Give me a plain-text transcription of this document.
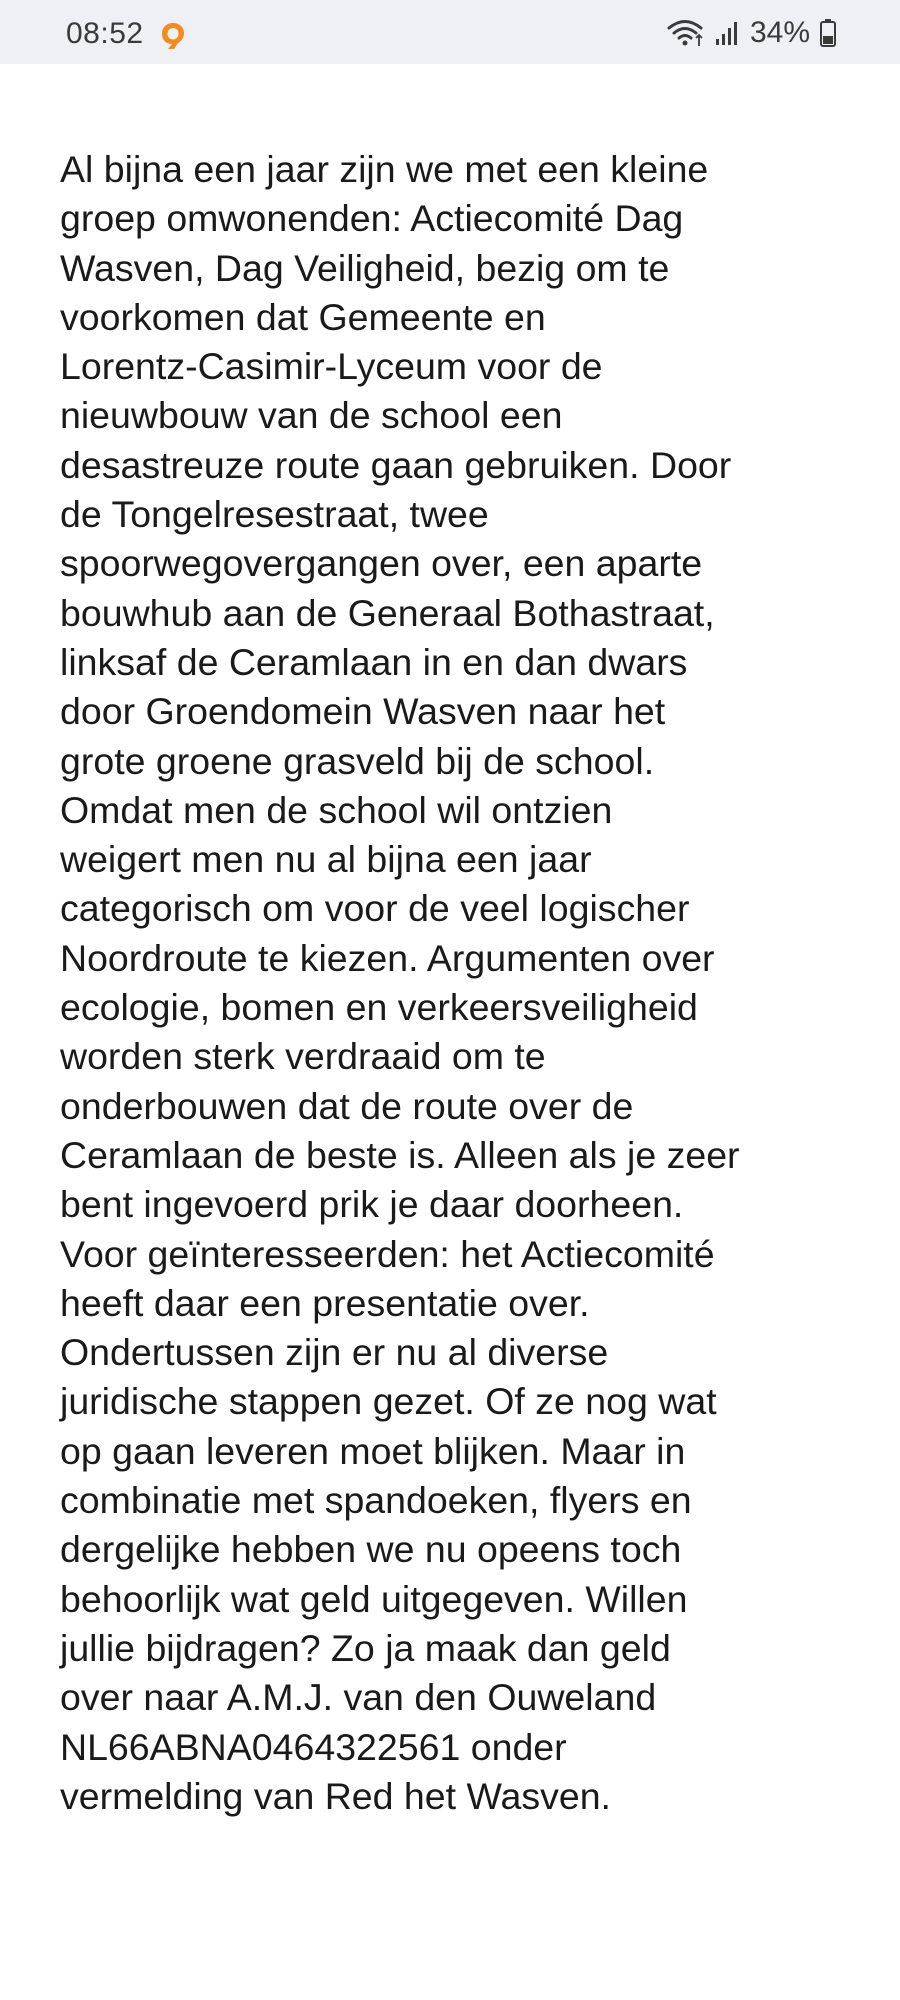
08:52	34%
Al bijna een jaar zijn we met een kleine
groep omwonenden: Actiecomité Dag
Wasven, Dag Veiligheid, bezig om te
voorkomen dat Gemeente en
Lorentz-Casimir-Lyceum voor de
nieuwbouw van de school een
desastreuze route gaan gebruiken. Door
de Tongelresestraat, twee
spoorwegovergangen over, een aparte
bouwhub aan de Generaal Bothastraat,
linksaf de Ceramlaan in en dan dwars
door Groendomein Wasven naar het
grote groene grasveld bij de school.
Omdat men de school wil ontzien
weigert men nu al bijna een jaar
categorisch om voor de veel logischer
Noordroute te kiezen. Argumenten over
ecologie, bomen en verkeersveiligheid
worden sterk verdraaid om te
onderbouwen dat de route over de
Ceramlaan de beste is. Alleen als je zeer
bent ingevoerd prik je daar doorheen.
Voor geïnteresseerden: het Actiecomité
heeft daar een presentatie over.
Ondertussen zijn er nu al diverse
juridische stappen gezet. Of ze nog wat
op gaan leveren moet blijken. Maar in
combinatie met spandoeken, flyers en
dergelijke hebben we nu opeens toch
behoorlijk wat geld uitgegeven. Willen
jullie bijdragen? Zo ja maak dan geld
over naar A.M.J. van den Ouweland
NL66ABNA0464322561 onder
vermelding van Red het Wasven.
